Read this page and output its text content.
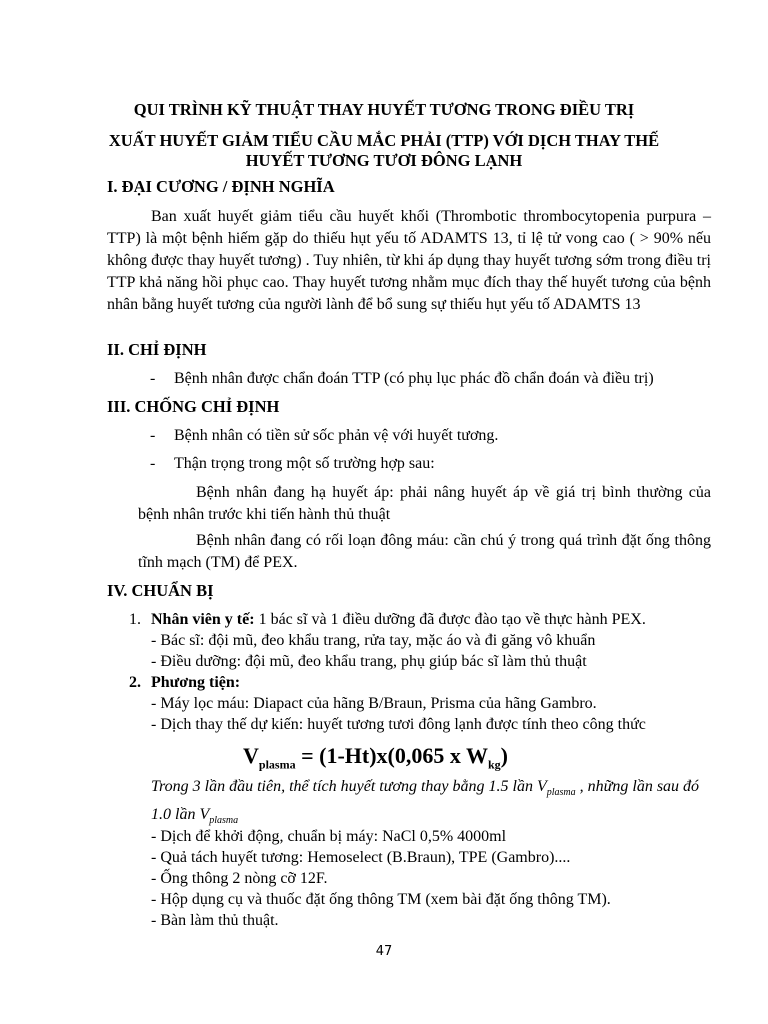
QUI TRÌNH KỸ THUẬT THAY HUYẾT TƯƠNG TRONG ĐIỀU TRỊ
XUẤT HUYẾT GIẢM TIỂU CẦU MẮC PHẢI (TTP) VỚI DỊCH THAY THẾ HUYẾT TƯƠNG TƯƠI ĐÔNG LẠNH
I. ĐẠI CƯƠNG / ĐỊNH NGHĨA
Ban xuất huyết giảm tiểu cầu huyết khối (Thrombotic thrombocytopenia purpura – TTP) là một bệnh hiếm gặp do thiếu hụt yếu tố ADAMTS 13, tỉ lệ tử vong cao ( > 90% nếu không được thay huyết tương) . Tuy nhiên, từ khi áp dụng thay huyết tương sớm trong điều trị TTP khả năng hồi phục cao. Thay huyết tương nhằm mục đích thay thế huyết tương của bệnh nhân bằng huyết tương của người lành để bổ sung sự thiếu hụt yếu tố ADAMTS 13
II. CHỈ ĐỊNH
- Bệnh nhân được chẩn đoán TTP (có phụ lục phác đồ chẩn đoán và điều trị)
III. CHỐNG CHỈ ĐỊNH
- Bệnh nhân có tiền sử sốc phản vệ với huyết tương.
- Thận trọng trong một số trường hợp sau:
Bệnh nhân đang hạ huyết áp: phải nâng huyết áp về giá trị bình thường của bệnh nhân trước khi tiến hành thủ thuật
Bệnh nhân đang có rối loạn đông máu: cần chú ý trong quá trình đặt ống thông tĩnh mạch (TM) để PEX.
IV. CHUẨN BỊ
1. Nhân viên y tế: 1 bác sĩ và 1 điều dưỡng đã được đào tạo về thực hành PEX.
- Bác sĩ: đội mũ, đeo khẩu trang, rửa tay, mặc áo và đi găng vô khuẩn
- Điều dưỡng: đội mũ, đeo khẩu trang, phụ giúp bác sĩ làm thủ thuật
2. Phương tiện:
- Máy lọc máu: Diapact của hãng B/Braun, Prisma của hãng Gambro.
- Dịch thay thế dự kiến: huyết tương tươi đông lạnh được tính theo công thức
$V_{plasma} = (1-Ht)x(0,065$ x $W_{kg}$)
Trong 3 lần đầu tiên, thể tích huyết tương thay bằng 1.5 lần $V_{plasma}$ , những lần sau đó 1.0 lần $V_{plasma}$
- Dịch để khởi động, chuẩn bị máy: NaCl 0,5% 4000ml
- Quả tách huyết tương: Hemoselect (B.Braun), TPE (Gambro)....
- Ống thông 2 nòng cỡ 12F.
- Hộp dụng cụ và thuốc đặt ống thông TM (xem bài đặt ống thông TM).
- Bàn làm thủ thuật.
47
